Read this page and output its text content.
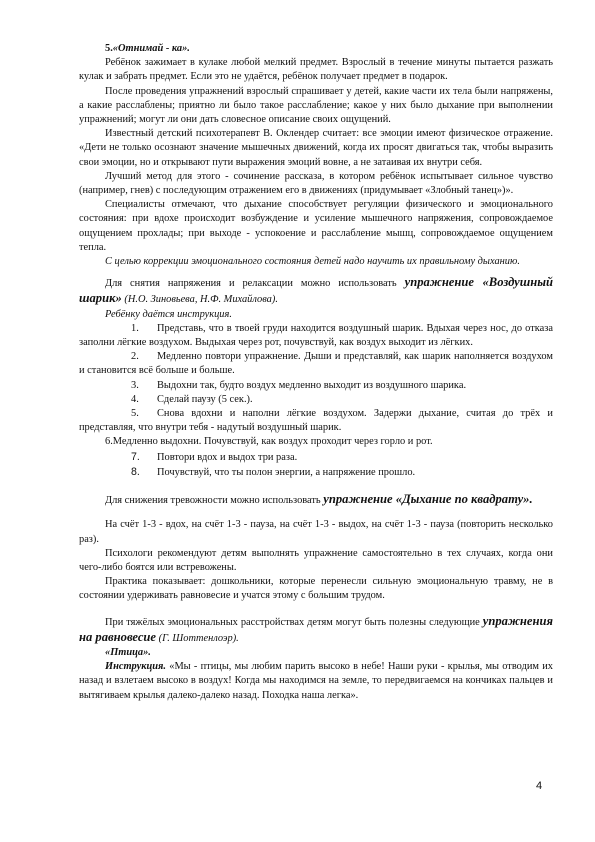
5.«Отнимай - ка».

Ребёнок зажимает в кулаке любой мелкий предмет. Взрослый в течение минуты пытается разжать кулак и забрать предмет. Если это не удаётся, ребёнок получает предмет в подарок.

После проведения упражнений взрослый спрашивает у детей, какие части их тела были напряжены, а какие расслаблены; приятно ли было такое расслабление; какое у них было дыхание при выполнении упражнений; могут ли они дать словесное описание своих ощущений.

Известный детский психотерапевт В. Оклендер считает: все эмоции имеют физическое отражение. «Дети не только осознают значение мышечных движений, когда их просят двигаться так, чтобы выразить свои эмоции, но и открывают пути выражения эмоций вовне, а не затаивая их внутри себя.

Лучший метод для этого - сочинение рассказа, в котором ребёнок испытывает сильное чувство (например, гнев) с последующим отражением его в движениях (придумывает «Злобный танец»)».

Специалисты отмечают, что дыхание способствует регуляции физического и эмоционального состояния: при вдохе происходит возбуждение и усиление мышечного напряжения, сопровождаемое ощущением прохлады; при выходе - успокоение и расслабление мышц, сопровождаемое ощущением тепла.

С целью коррекции эмоционального состояния детей надо научить их правильному дыханию.

Для снятия напряжения и релаксации можно использовать упражнение «Воздушный шарик» (Н.О. Зиновьева, Н.Ф. Михайлова).

Ребёнку даётся инструкция.

1. Представь, что в твоей груди находится воздушный шарик. Вдыхая через нос, до отказа заполни лёгкие воздухом. Выдыхая через рот, почувствуй, как воздух выходит из лёгких.

2. Медленно повтори упражнение. Дыши и представляй, как шарик наполняется воздухом и становится всё больше и больше.

3. Выдохни так, будто воздух медленно выходит из воздушного шарика.

4. Сделай паузу (5 сек.).

5. Снова вдохни и наполни лёгкие воздухом. Задержи дыхание, считая до трёх и представляя, что внутри тебя - надутый воздушный шарик.

6.Медленно выдохни. Почувствуй, как воздух проходит через горло и рот.

7. Повтори вдох и выдох три раза.

8. Почувствуй, что ты полон энергии, а напряжение прошло.

Для снижения тревожности можно использовать упражнение «Дыхание по квадрату».

На счёт 1-3 - вдох, на счёт 1-3 - пауза, на счёт 1-3 - выдох, на счёт 1-3 - пауза (повторить несколько раз).

Психологи рекомендуют детям выполнять упражнение самостоятельно в тех случаях, когда они чего-либо боятся или встревожены.

Практика показывает: дошкольники, которые перенесли сильную эмоциональную травму, не в состоянии удерживать равновесие и учатся этому с большим трудом.

При тяжёлых эмоциональных расстройствах детям могут быть полезны следующие упражнения на равновесие (Г. Шоттенлоэр).

«Птица».

Инструкция. «Мы - птицы, мы любим парить высоко в небе! Наши руки - крылья, мы отводим их назад и взлетаем высоко в воздух! Когда мы находимся на земле, то передвигаемся на кончиках пальцев и вытягиваем крылья далеко-далеко назад. Походка наша легка».

4
